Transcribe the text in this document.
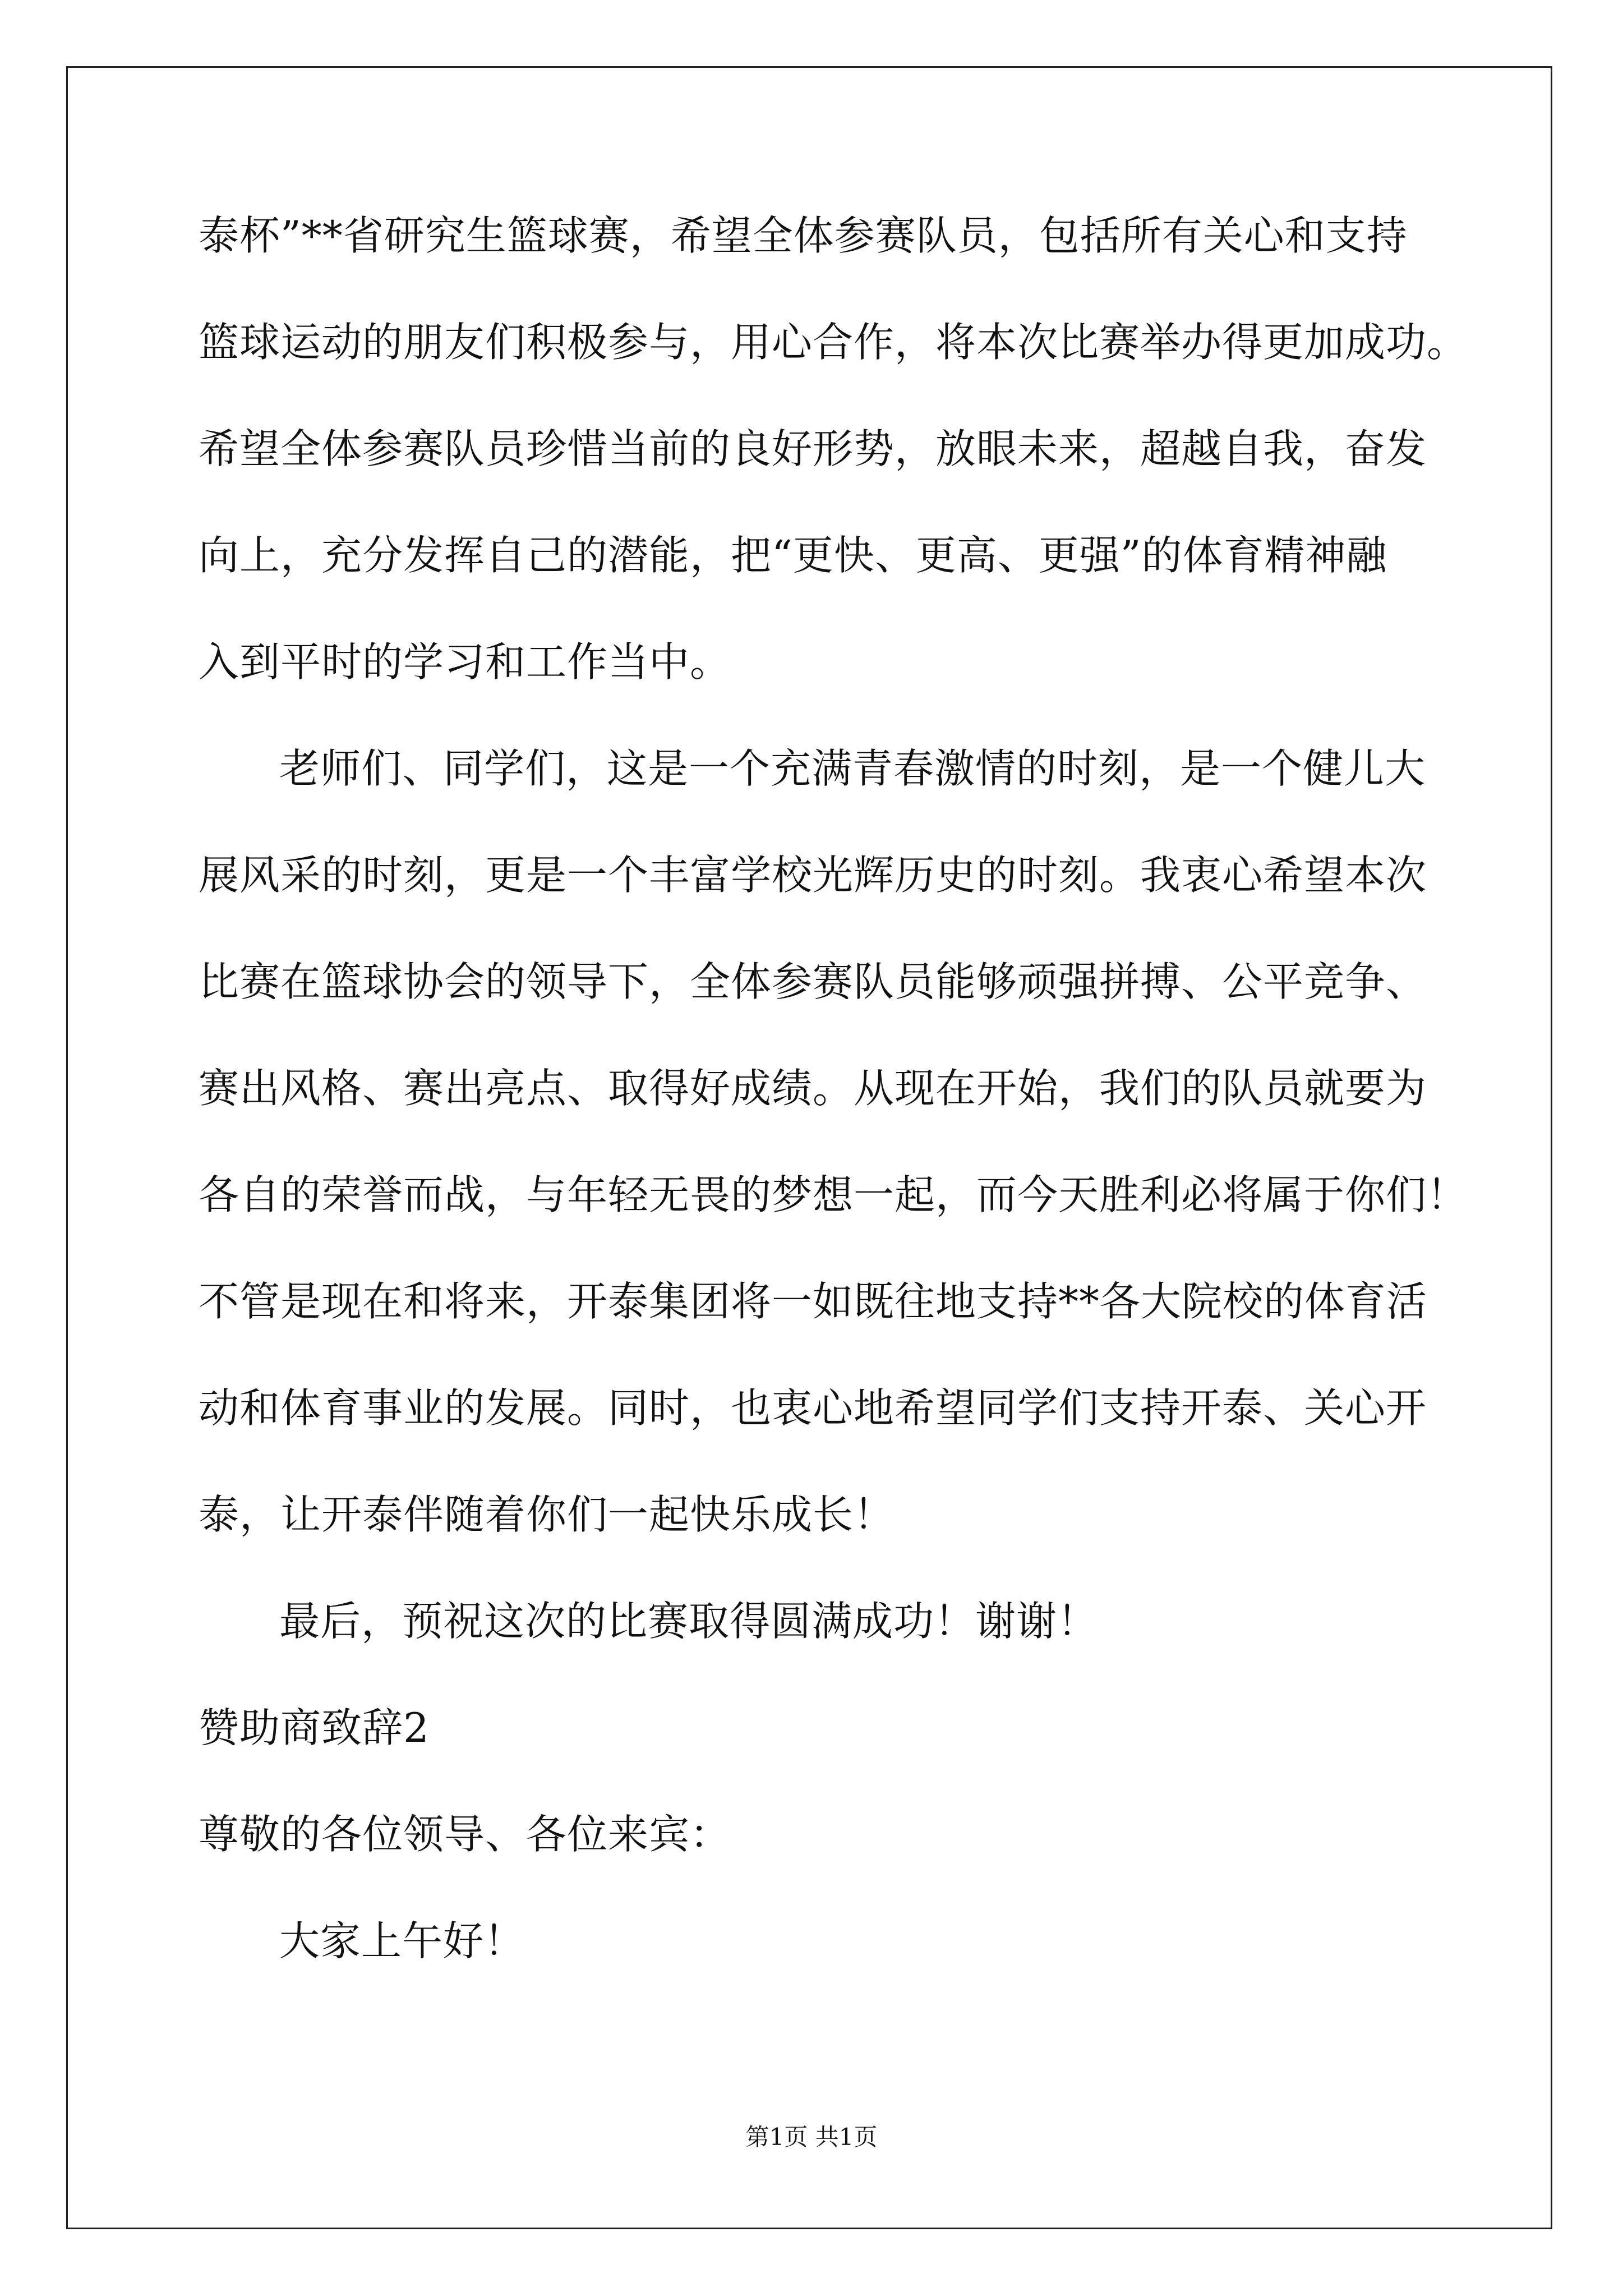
泰杯”**省研究生篮球赛，希望全体参赛队员，包括所有关心和支持
篮球运动的朋友们积极参与，用心合作，将本次比赛举办得更加成功。
希望全体参赛队员珍惜当前的良好形势，放眼未来，超越自我，奋发
向上，充分发挥自己的潜能，把“更快、更高、更强”的体育精神融
入到平时的学习和工作当中。
老师们、同学们，这是一个充满青春激情的时刻，是一个健儿大
展风采的时刻，更是一个丰富学校光辉历史的时刻。我衷心希望本次
比赛在篮球协会的领导下，全体参赛队员能够顽强拼搏、公平竞争、
赛出风格、赛出亮点、取得好成绩。从现在开始，我们的队员就要为
各自的荣誉而战，与年轻无畏的梦想一起，而今天胜利必将属于你们！
不管是现在和将来，开泰集团将一如既往地支持**各大院校的体育活
动和体育事业的发展。同时，也衷心地希望同学们支持开泰、关心开
泰，让开泰伴随着你们一起快乐成长！
最后，预祝这次的比赛取得圆满成功！谢谢！
赞助商致辞2
尊敬的各位领导、各位来宾：
大家上午好！
第1页 共1页
